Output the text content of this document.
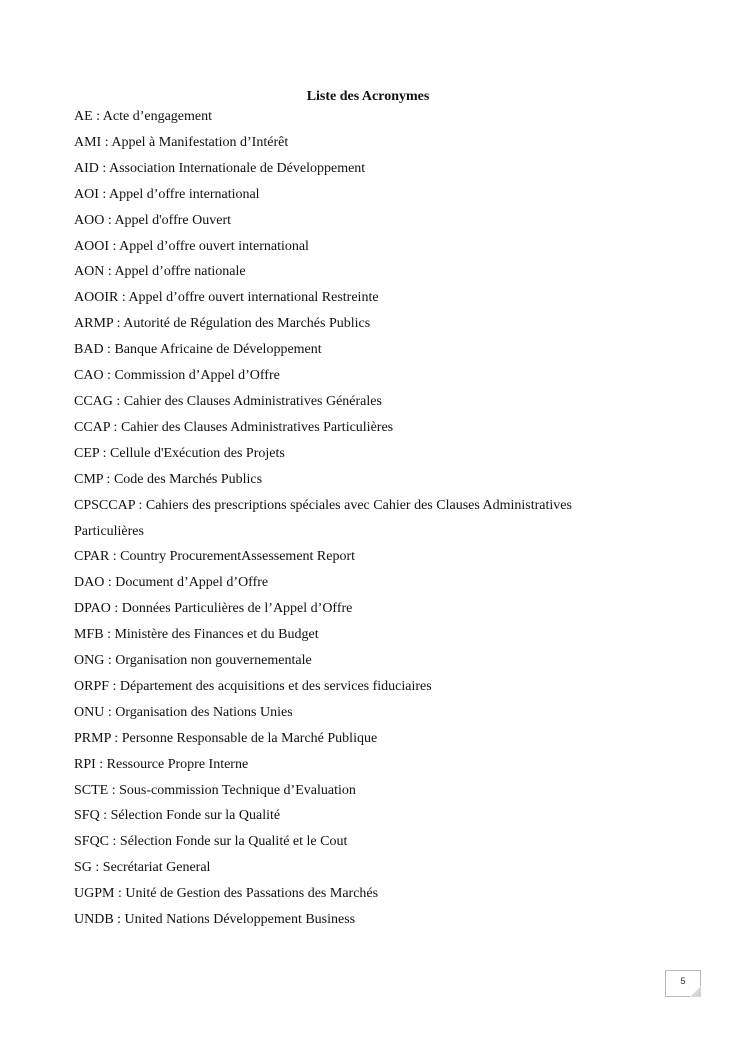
Liste des Acronymes
AE : Acte d’engagement
AMI : Appel à Manifestation d’Intérêt
AID : Association Internationale de Développement
AOI : Appel d’offre international
AOO : Appel d'offre Ouvert
AOOI : Appel d’offre ouvert international
AON : Appel d’offre nationale
AOOIR : Appel d’offre ouvert international Restreinte
ARMP : Autorité de Régulation des Marchés Publics
BAD : Banque Africaine de Développement
CAO : Commission d’Appel d’Offre
CCAG : Cahier des Clauses Administratives Générales
CCAP : Cahier des Clauses Administratives Particulières
CEP : Cellule d'Exécution des Projets
CMP : Code des Marchés Publics
CPSCCAP : Cahiers des prescriptions spéciales avec Cahier des Clauses Administratives Particulières
CPAR : Country ProcurementAssessement Report
DAO : Document d’Appel d’Offre
DPAO : Données Particulières de l’Appel d’Offre
MFB : Ministère des Finances et du Budget
ONG : Organisation non gouvernementale
ORPF : Département des acquisitions et des services fiduciaires
ONU : Organisation des Nations Unies
PRMP : Personne Responsable de la Marché Publique
RPI : Ressource Propre Interne
SCTE : Sous-commission Technique d’Evaluation
SFQ : Sélection Fonde sur la Qualité
SFQC : Sélection Fonde sur la Qualité et le Cout
SG : Secrétariat General
UGPM : Unité de Gestion des Passations des Marchés
UNDB : United Nations Développement Business
5
